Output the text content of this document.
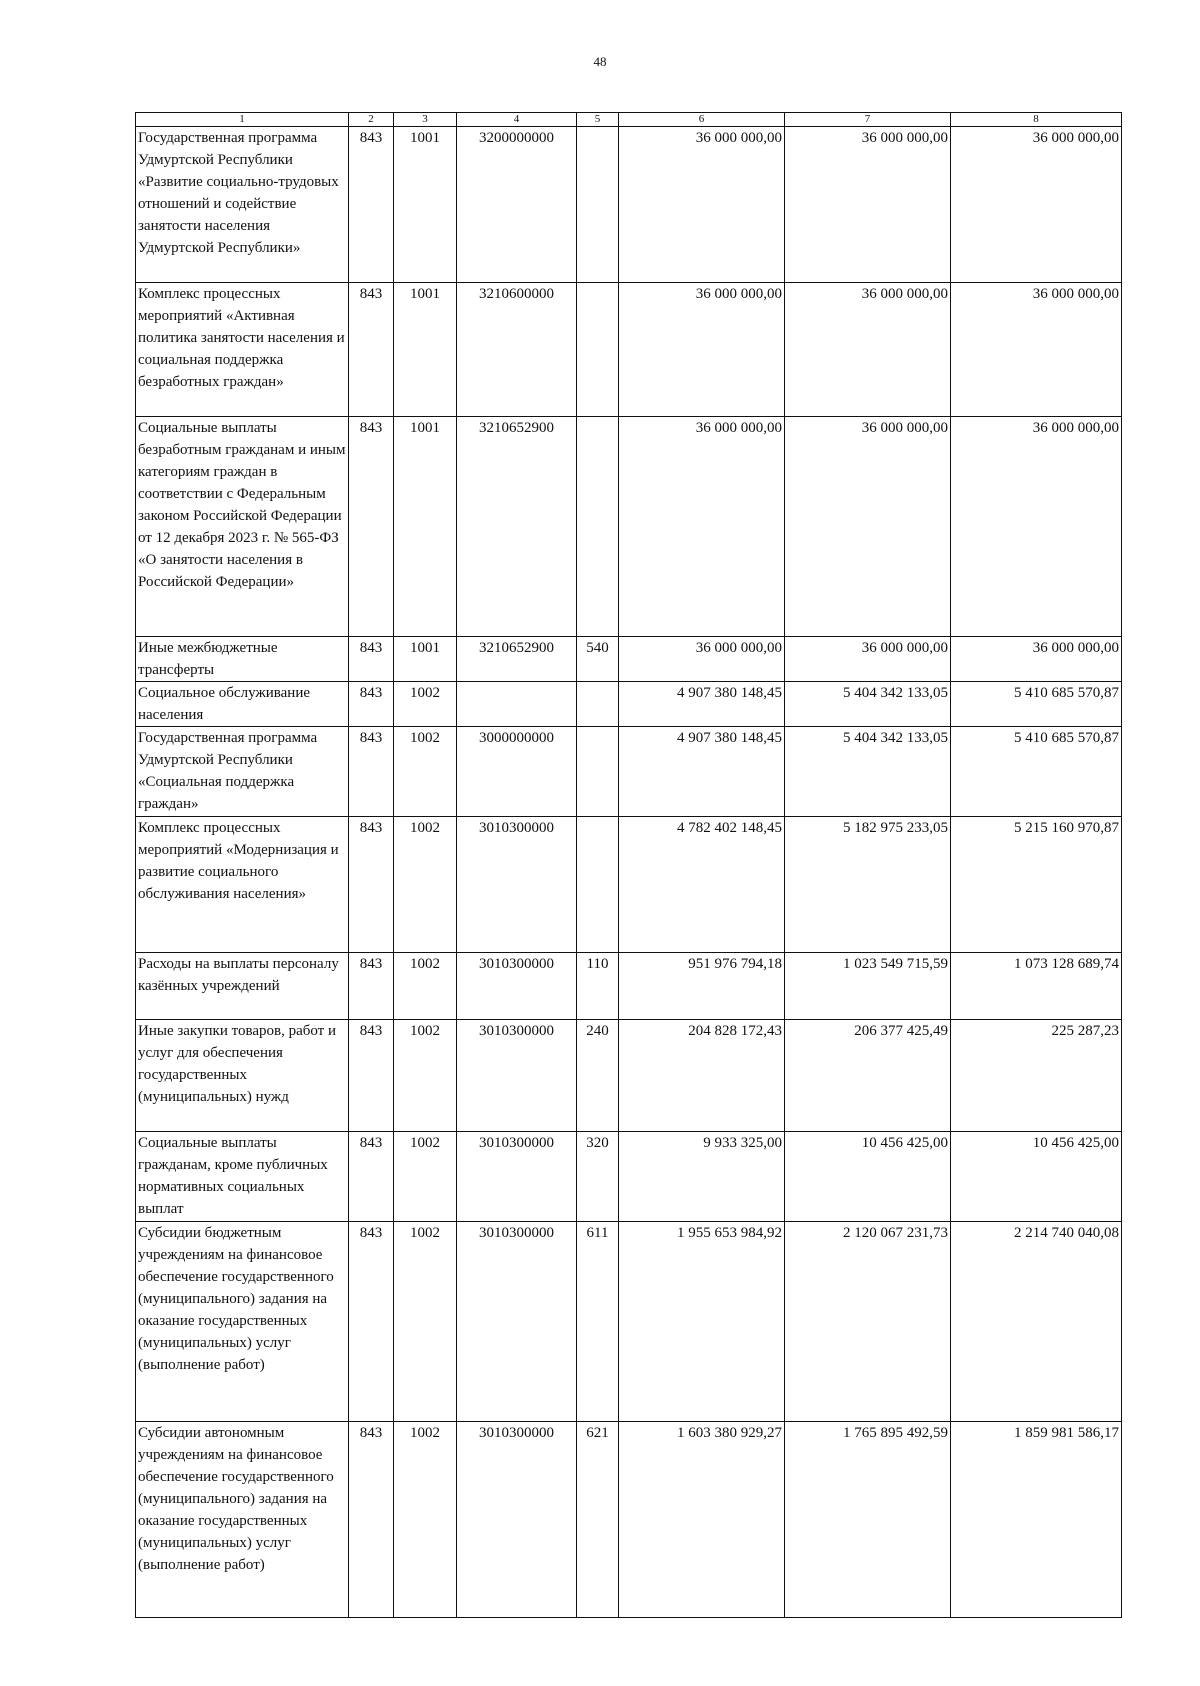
48
1	2	3	4	5	6	7	8
Государственная программа Удмуртской Республики «Развитие социально-трудовых отношений и содействие занятости населения Удмуртской Республики»	843	1001	3200000000		36 000 000,00	36 000 000,00	36 000 000,00
Комплекс процессных мероприятий «Активная политика занятости населения и социальная поддержка безработных граждан»	843	1001	3210600000		36 000 000,00	36 000 000,00	36 000 000,00
Социальные выплаты безработным гражданам и иным категориям граждан в соответствии с Федеральным законом Российской Федерации от 12 декабря 2023 г. № 565-ФЗ «О занятости населения в Российской Федерации»	843	1001	3210652900		36 000 000,00	36 000 000,00	36 000 000,00
Иные межбюджетные трансферты	843	1001	3210652900	540	36 000 000,00	36 000 000,00	36 000 000,00
Социальное обслуживание населения	843	1002			4 907 380 148,45	5 404 342 133,05	5 410 685 570,87
Государственная программа Удмуртской Республики «Социальная поддержка граждан»	843	1002	3000000000		4 907 380 148,45	5 404 342 133,05	5 410 685 570,87
Комплекс процессных мероприятий «Модернизация и развитие социального обслуживания населения»	843	1002	3010300000		4 782 402 148,45	5 182 975 233,05	5 215 160 970,87
Расходы на выплаты персоналу казённых учреждений	843	1002	3010300000	110	951 976 794,18	1 023 549 715,59	1 073 128 689,74
Иные закупки товаров, работ и услуг для обеспечения государственных (муниципальных) нужд	843	1002	3010300000	240	204 828 172,43	206 377 425,49	225 287,23
Социальные выплаты гражданам, кроме публичных нормативных социальных выплат	843	1002	3010300000	320	9 933 325,00	10 456 425,00	10 456 425,00
Субсидии бюджетным учреждениям на финансовое обеспечение государственного (муниципального) задания на оказание государственных (муниципальных) услуг (выполнение работ)	843	1002	3010300000	611	1 955 653 984,92	2 120 067 231,73	2 214 740 040,08
Субсидии автономным учреждениям на финансовое обеспечение государственного (муниципального) задания на оказание государственных (муниципальных) услуг (выполнение работ)	843	1002	3010300000	621	1 603 380 929,27	1 765 895 492,59	1 859 981 586,17
